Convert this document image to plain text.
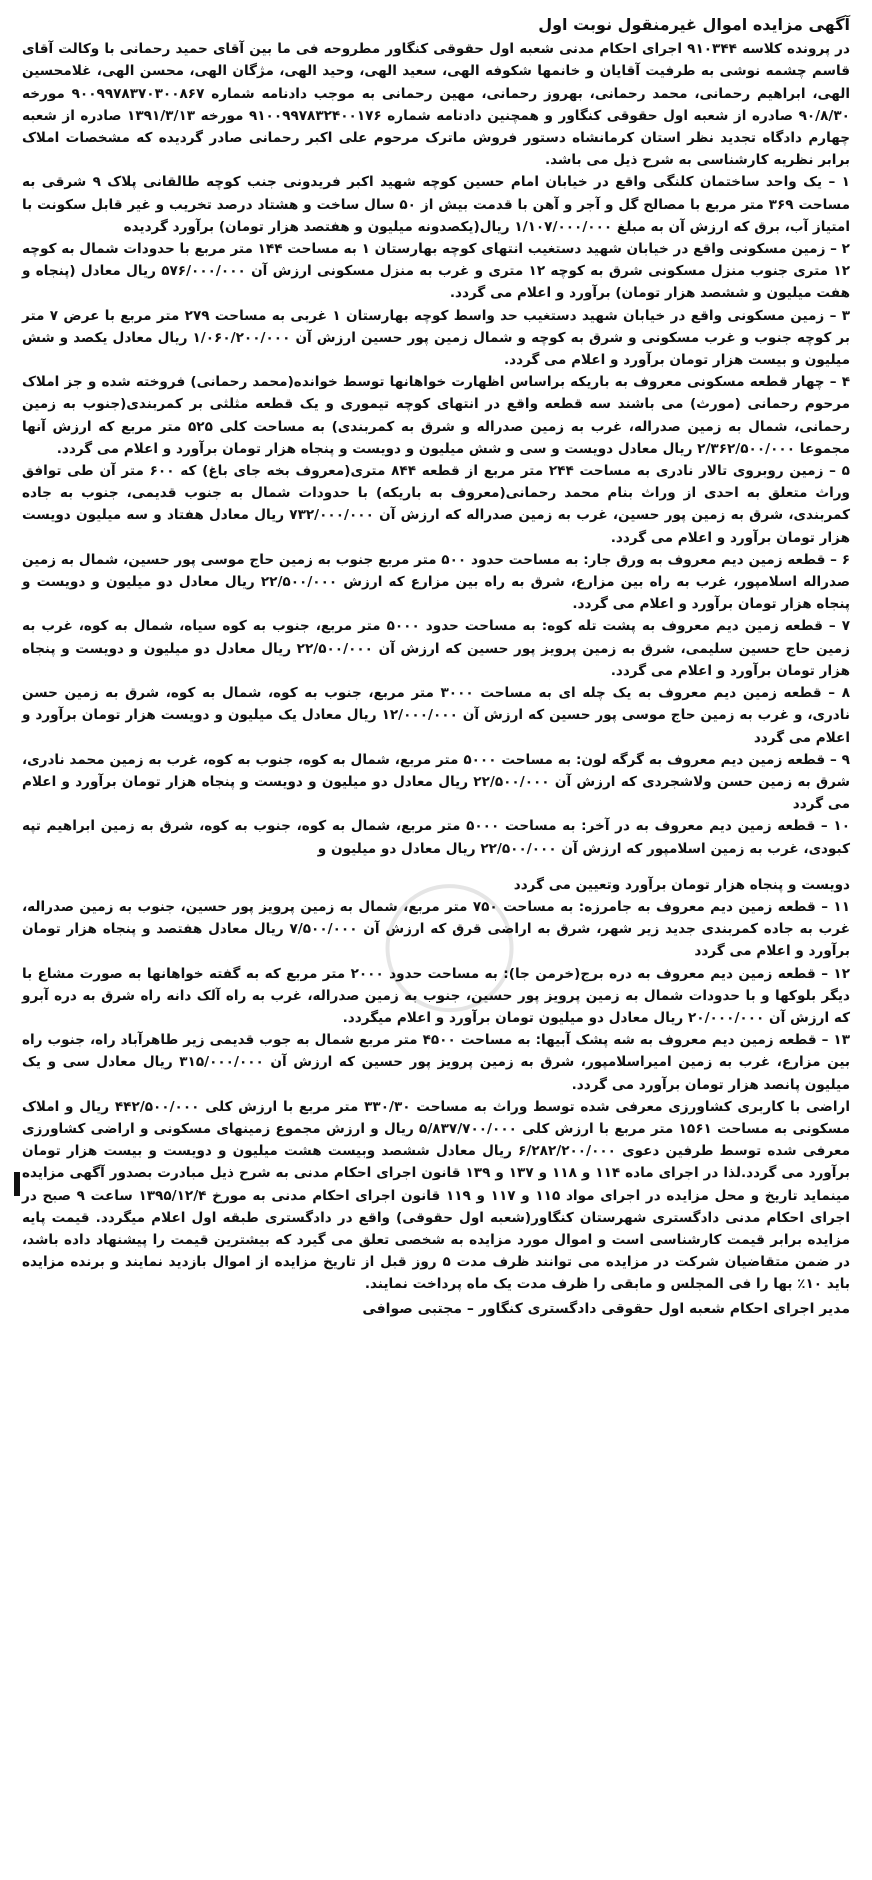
آگهی مزایده اموال غیرمنقول نوبت اول

در پرونده کلاسه ۹۱۰۳۴۴ اجرای احکام مدنی شعبه اول حقوقی کنگاور مطروحه فی ما بین آقای حمید رحمانی با وکالت آقای قاسم چشمه نوشی به طرفیت آقایان و خانمها شکوفه الهی، سعید الهی، وحید الهی، مژگان الهی، محسن الهی، غلامحسین الهی، ابراهیم رحمانی، محمد رحمانی، بهروز رحمانی، مهین رحمانی به موجب دادنامه شماره ۹۰۰۹۹۷۸۳۷۰۳۰۰۸۶۷ مورخه ۹۰/۸/۳۰ صادره از شعبه اول حقوقی کنگاور و همچنین دادنامه شماره ۹۱۰۰۹۹۷۸۳۲۴۰۰۱۷۶ مورخه ۱۳۹۱/۳/۱۳ صادره از شعبه چهارم دادگاه تجدید نظر استان کرمانشاه دستور فروش ماترک مرحوم علی اکبر رحمانی صادر گردیده که مشخصات املاک برابر نظریه کارشناسی به شرح ذیل می باشد.

۱ – یک واحد ساختمان کلنگی واقع در خیابان امام حسین کوچه شهید اکبر فریدونی جنب کوچه طالقانی پلاک ۹ شرقی به مساحت ۳۶۹ متر مربع با مصالح گل و آجر و آهن با قدمت بیش از ۵۰ سال ساخت و هشتاد درصد تخریب و غیر قابل سکونت با امتیاز آب، برق که ارزش آن به مبلغ ۱/۱۰۷/۰۰۰/۰۰۰ ریال(یکصدونه میلیون و هفتصد هزار تومان) برآورد گردیده

۲ – زمین مسکونی واقع در خیابان شهید دستغیب انتهای کوچه بهارستان ۱ به مساحت ۱۴۴ متر مربع با حدودات شمال به کوچه ۱۲ متری جنوب منزل مسکونی شرق به کوچه ۱۲ متری و غرب به منزل مسکونی ارزش آن ۵۷۶/۰۰۰/۰۰۰ ریال معادل (پنجاه و هفت میلیون و ششصد هزار تومان) برآورد و اعلام می گردد.

۳ – زمین مسکونی واقع در خیابان شهید دستغیب حد واسط کوچه بهارستان ۱ غربی به مساحت ۲۷۹ متر مربع با عرض ۷ متر بر کوچه جنوب و غرب مسکونی و شرق به کوچه و شمال زمین پور حسین ارزش آن ۱/۰۶۰/۲۰۰/۰۰۰ ریال معادل یکصد و شش میلیون و بیست هزار تومان برآورد و اعلام می گردد.

۴ – چهار قطعه مسکونی معروف به باریکه براساس اظهارت خواهانها توسط خوانده(محمد رحمانی) فروخته شده و جز املاک مرحوم رحمانی (مورث) می باشند سه قطعه واقع در انتهای کوچه تیموری و یک قطعه مثلثی بر کمربندی(جنوب به زمین رحمانی، شمال به زمین صدراله، غرب به زمین صدراله و شرق به کمربندی) به مساحت کلی ۵۲۵ متر مربع که ارزش آنها مجموعا ۲/۳۶۲/۵۰۰/۰۰۰ ریال معادل دویست و سی و شش میلیون و دویست و پنجاه هزار تومان برآورد و اعلام می گردد.

۵ – زمین روبروی تالار نادری به مساحت ۲۴۴ متر مربع از قطعه ۸۴۴ متری(معروف بخه جای باغ) که ۶۰۰ متر آن طی توافق وراث متعلق به احدی از وراث بنام محمد رحمانی(معروف به باریکه) با حدودات شمال به جنوب قدیمی، جنوب به جاده کمربندی، شرق به زمین پور حسین، غرب به زمین صدراله که ارزش آن ۷۳۲/۰۰۰/۰۰۰ ریال معادل هفتاد و سه میلیون دویست هزار تومان برآورد و اعلام می گردد.

۶ – قطعه زمین دیم معروف به ورق جار: به مساحت حدود ۵۰۰ متر مربع جنوب به زمین حاج موسی پور حسین، شمال به زمین صدراله اسلامپور، غرب به راه بین مزارع، شرق به راه بین مزارع که ارزش ۲۲/۵۰۰/۰۰۰ ریال معادل دو میلیون و دویست و پنجاه هزار تومان برآورد و اعلام می گردد.

۷ – قطعه زمین دیم معروف به پشت تله کوه: به مساحت حدود ۵۰۰۰ متر مربع، جنوب به کوه سیاه، شمال به کوه، غرب به زمین حاج حسین سلیمی، شرق به زمین پرویز پور حسین که ارزش آن ۲۲/۵۰۰/۰۰۰ ریال معادل دو میلیون و دویست و پنجاه هزار تومان برآورد و اعلام می گردد.

۸ – قطعه زمین دیم معروف به یک چله ای به مساحت ۳۰۰۰ متر مربع، جنوب به کوه، شمال به کوه، شرق به زمین حسن نادری، و غرب به زمین حاج موسی پور حسین که ارزش آن ۱۲/۰۰۰/۰۰۰ ریال معادل یک میلیون و دویست هزار تومان برآورد و اعلام می گردد

۹ – قطعه زمین دیم معروف به گرگه لون: به مساحت ۵۰۰۰ متر مربع، شمال به کوه، جنوب به کوه، غرب به زمین محمد نادری، شرق به زمین حسن ولاشجردی که ارزش آن ۲۲/۵۰۰/۰۰۰ ریال معادل دو میلیون و دویست و پنجاه هزار تومان برآورد و اعلام می گردد

۱۰ – قطعه زمین دیم معروف به در آخر: به مساحت ۵۰۰۰ متر مربع، شمال به کوه، جنوب به کوه، شرق به زمین ابراهیم تپه کبودی، غرب به زمین اسلامپور که ارزش آن ۲۲/۵۰۰/۰۰۰ ریال معادل دو میلیون و

دویست و پنجاه هزار تومان برآورد وتعیین می گردد

۱۱ – قطعه زمین دیم معروف به جامرزه: به مساحت ۷۵۰ متر مربع، شمال به زمین پرویز پور حسین، جنوب به زمین صدراله، غرب به جاده کمربندی جدید زیر شهر، شرق به اراضی قرق که ارزش آن ۷/۵۰۰/۰۰۰ ریال معادل هفتصد و پنجاه هزار تومان برآورد و اعلام می گردد

۱۲ – قطعه زمین دیم معروف به دره برج(خرمن جا): به مساحت حدود ۲۰۰۰ متر مربع که به گفته خواهانها به صورت مشاع با دیگر بلوکها و با حدودات شمال به زمین پرویز پور حسین، جنوب به زمین صدراله، غرب به راه آلک دانه راه شرق به دره آبرو که ارزش آن ۲۰/۰۰۰/۰۰۰ ریال معادل دو میلیون تومان برآورد و اعلام میگردد.

۱۳ – قطعه زمین دیم معروف به شه پشک آبیها: به مساحت ۴۵۰۰ متر مربع شمال به جوب قدیمی زیر طاهرآباد راه، جنوب راه بین مزارع، غرب به زمین امیراسلامپور، شرق به زمین پرویز پور حسین که ارزش آن ۳۱۵/۰۰۰/۰۰۰ ریال معادل سی و یک میلیون پانصد هزار تومان برآورد می گردد.

اراضی با کاربری کشاورزی معرفی شده توسط وراث به مساحت ۳۳۰/۳۰ متر مربع با ارزش کلی ۴۴۲/۵۰۰/۰۰۰ ریال و املاک مسکونی به مساحت ۱۵۶۱ متر مربع با ارزش کلی ۵/۸۳۷/۷۰۰/۰۰۰ ریال و ارزش مجموع زمینهای مسکونی و اراضی کشاورزی معرفی شده توسط طرفین دعوی ۶/۲۸۲/۲۰۰/۰۰۰ ریال معادل ششصد وبیست هشت میلیون و دویست و بیست هزار تومان برآورد می گردد.لذا در اجرای ماده ۱۱۴ و ۱۱۸ و ۱۳۷ و ۱۳۹ قانون اجرای احکام مدنی به شرح ذیل مبادرت بصدور آگهی مزایده مینماید تاریخ و محل مزایده در اجرای مواد ۱۱۵ و ۱۱۷ و ۱۱۹ قانون اجرای احکام مدنی به مورخ ۱۳۹۵/۱۲/۴ ساعت ۹ صبح در اجرای احکام مدنی دادگستری شهرستان کنگاور(شعبه اول حقوقی) واقع در دادگستری طبقه اول اعلام میگردد. قیمت پایه مزایده برابر قیمت کارشناسی است و اموال مورد مزایده به شخصی تعلق می گیرد که بیشترین قیمت را پیشنهاد داده باشد، در ضمن متقاضیان شرکت در مزایده می توانند ظرف مدت ۵ روز قبل از تاریخ مزایده از اموال بازدید نمایند و برنده مزایده باید ۱۰٪ بها را فی المجلس و مابقی را ظرف مدت یک ماه پرداخت نمایند.

مدیر اجرای احکام شعبه اول حقوقی دادگستری کنگاور – مجتبی صوافی
